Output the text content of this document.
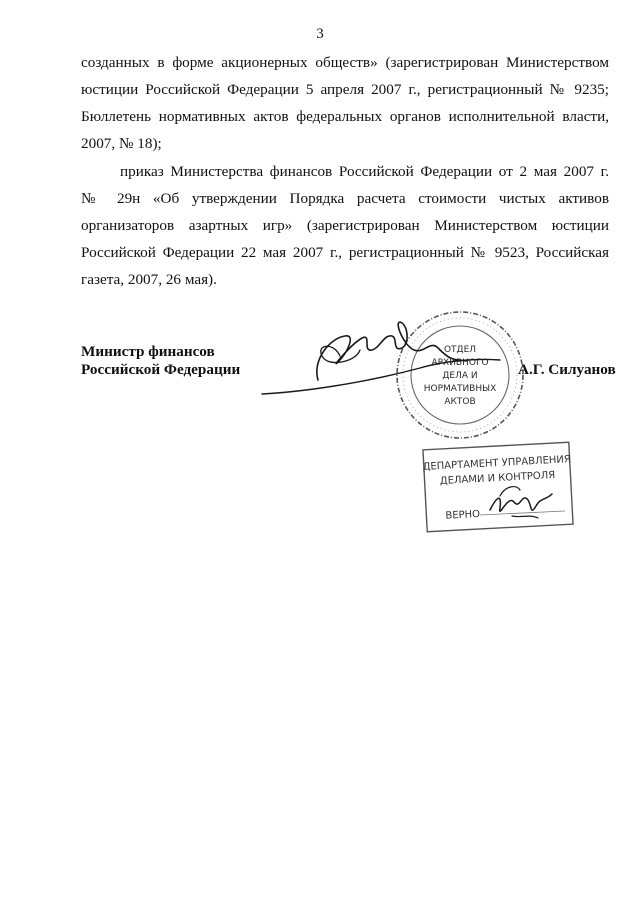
3
созданных в форме акционерных обществ» (зарегистрирован Министерством
юстиции Российской Федерации 5 апреля 2007 г., регистрационный № 9235;
Бюллетень нормативных актов федеральных органов исполнительной власти,
2007, № 18);
приказ Министерства финансов Российской Федерации от 2 мая 2007 г.
№ 29н «Об утверждении Порядка расчета стоимости чистых активов
организаторов азартных игр» (зарегистрирован Министерством юстиции
Российской Федерации 22 мая 2007 г., регистрационный № 9523, Российская
газета, 2007, 26 мая).
Министр финансов
Российской Федерации	А.Г. Силуанов
ОТДЕЛ
АРХИВНОГО
ДЕЛА И
НОРМАТИВНЫХ
АКТОВ
ДЕПАРТАМЕНТ УПРАВЛЕНИЯ
ДЕЛАМИ И КОНТРОЛЯ
ВЕРНО
